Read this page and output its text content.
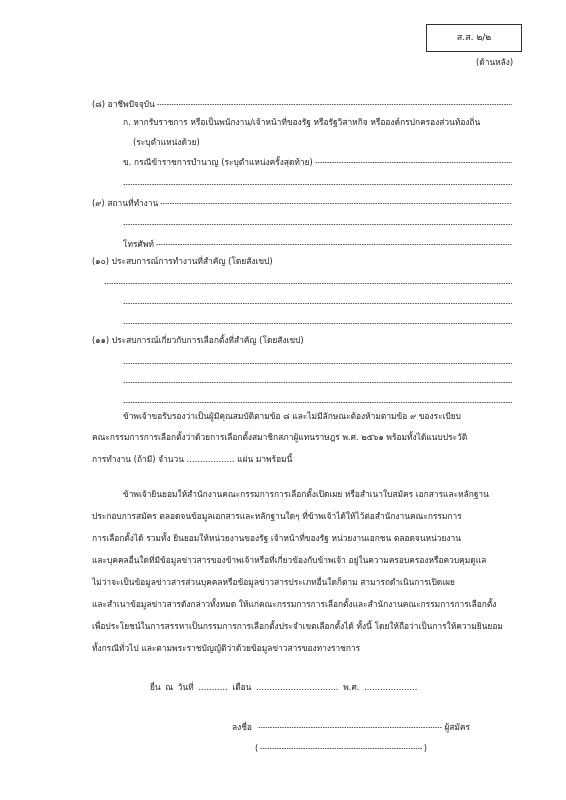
ส.ส. ๒/๒
(ด้านหลัง)
(๘) อาชีพปัจจุบัน
ก. หากรับราชการ หรือเป็นพนักงาน/เจ้าหน้าที่ของรัฐ หรือรัฐวิสาหกิจ หรือองค์กรปกครองส่วนท้องถิ่น
(ระบุตำแหน่งด้วย)
ข. กรณีข้าราชการบำนาญ (ระบุตำแหน่งครั้งสุดท้าย)
(๙) สถานที่ทำงาน
โทรศัพท์
(๑๐) ประสบการณ์การทำงานที่สำคัญ (โดยสังเขป)
(๑๑) ประสบการณ์เกี่ยวกับการเลือกตั้งที่สำคัญ (โดยสังเขป)
ข้าพเจ้าขอรับรองว่าเป็นผู้มีคุณสมบัติตามข้อ ๘ และไม่มีลักษณะต้องห้ามตามข้อ ๙ ของระเบียบ
คณะกรรมการการเลือกตั้งว่าด้วยการเลือกตั้งสมาชิกสภาผู้แทนราษฎร พ.ศ. ๒๕๖๑ พร้อมทั้งได้แนบประวัติ
การทำงาน (ถ้ามี) จำนวน .................. แผ่น มาพร้อมนี้
ข้าพเจ้ายินยอมให้สำนักงานคณะกรรมการการเลือกตั้งเปิดเผย หรือสำเนาใบสมัคร เอกสารและหลักฐาน
ประกอบการสมัคร ตลอดจนข้อมูลเอกสารและหลักฐานใดๆ ที่ข้าพเจ้าได้ให้ไว้ต่อสำนักงานคณะกรรมการ
การเลือกตั้งได้ รวมทั้ง ยินยอมให้หน่วยงานของรัฐ เจ้าหน้าที่ของรัฐ หน่วยงานเอกชน ตลอดจนหน่วยงาน
และบุคคลอื่นใดที่มีข้อมูลข่าวสารของข้าพเจ้าหรือที่เกี่ยวข้องกับข้าพเจ้า อยู่ในความครอบครองหรือควบคุมดูแล
ไม่ว่าจะเป็นข้อมูลข่าวสารส่วนบุคคลหรือข้อมูลข่าวสารประเภทอื่นใดก็ตาม สามารถดำเนินการเปิดเผย
และสำเนาข้อมูลข่าวสารดังกล่าวทั้งหมด ให้แก่คณะกรรมการการเลือกตั้งและสำนักงานคณะกรรมการการเลือกตั้ง
เพื่อประโยชน์ในการสรรหาเป็นกรรมการการเลือกตั้งประจำเขตเลือกตั้งได้ ทั้งนี้ โดยให้ถือว่าเป็นการให้ความยินยอม
ทั้งกรณีทั่วไป และตามพระราชบัญญัติว่าด้วยข้อมูลข่าวสารของทางราชการ
ยื่น ณ วันที่ ........... เดือน ............................... พ.ศ. ....................
ลงชื่อ	ผู้สมัคร
(	)
